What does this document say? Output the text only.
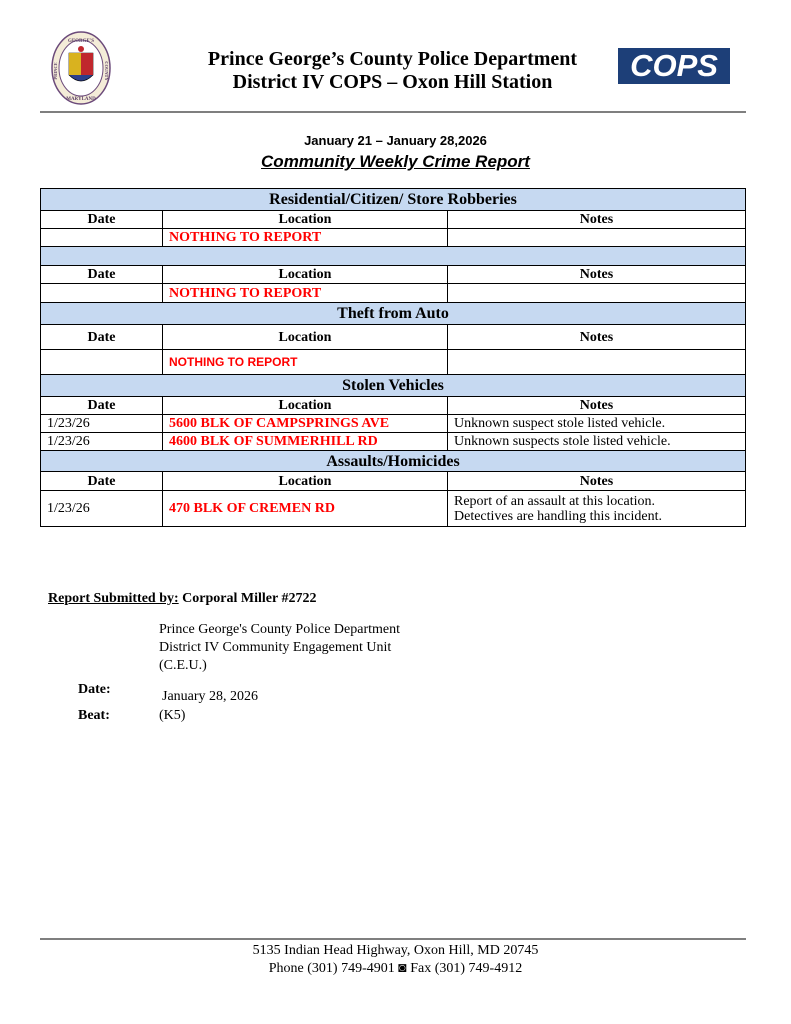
GEORGE'S
PRINCE	COUNTY
MARYLAND
Prince George’s County Police Department
District IV COPS – Oxon Hill Station	COPS
January 21 – January 28,2026
Community Weekly Crime Report
Residential/Citizen/ Store Robberies		
Date	Location	Notes
	NOTHING TO REPORT	

Date	Location	Notes
	NOTHING TO REPORT	
Theft from Auto		
Date	Location	Notes
	NOTHING TO REPORT	
Stolen Vehicles		
Date	Location	Notes
1/23/26	5600 BLK OF CAMPSPRINGS AVE	Unknown suspect stole listed vehicle.
1/23/26	4600 BLK OF SUMMERHILL RD	Unknown suspects stole listed vehicle.
Assaults/Homicides		
Date	Location	Notes
1/23/26	470 BLK OF CREMEN RD	Report of an assault at this location.
Detectives are handling this incident.
Report Submitted by: Corporal Miller #2722
Prince George's County Police Department
District IV Community Engagement Unit
(C.E.U.)
Date:	January 28, 2026
Beat:	(K5)
5135 Indian Head Highway, Oxon Hill, MD 20745
Phone (301) 749-4901 ◙ Fax (301) 749-4912
